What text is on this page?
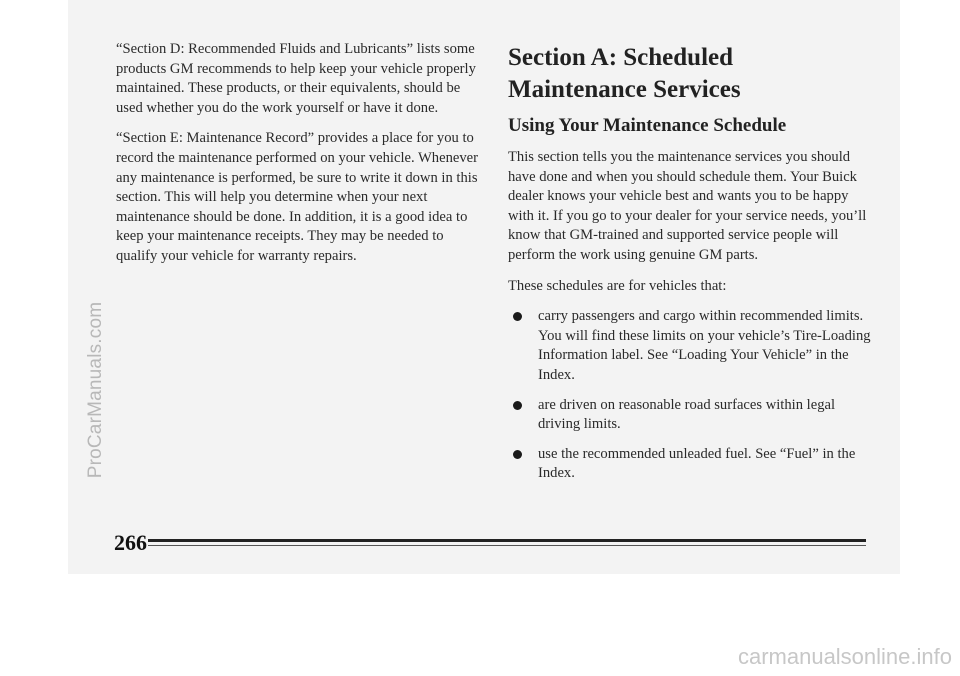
“Section D: Recommended Fluids and Lubricants” lists some products GM recommends to help keep your vehicle properly maintained. These products, or their equivalents, should be used whether you do the work yourself or have it done.

“Section E: Maintenance Record” provides a place for you to record the maintenance performed on your vehicle. Whenever any maintenance is performed, be sure to write it down in this section. This will help you determine when your next maintenance should be done. In addition, it is a good idea to keep your maintenance receipts. They may be needed to qualify your vehicle for warranty repairs.

Section A: Scheduled Maintenance Services
Using Your Maintenance Schedule

This section tells you the maintenance services you should have done and when you should schedule them. Your Buick dealer knows your vehicle best and wants you to be happy with it. If you go to your dealer for your service needs, you’ll know that GM-trained and supported service people will perform the work using genuine GM parts.

These schedules are for vehicles that:

carry passengers and cargo within recommended limits. You will find these limits on your vehicle’s Tire-Loading Information label. See “Loading Your Vehicle” in the Index.
are driven on reasonable road surfaces within legal driving limits.
use the recommended unleaded fuel. See “Fuel” in the Index.
266
ProCarManuals.com
carmanualsonline.info
